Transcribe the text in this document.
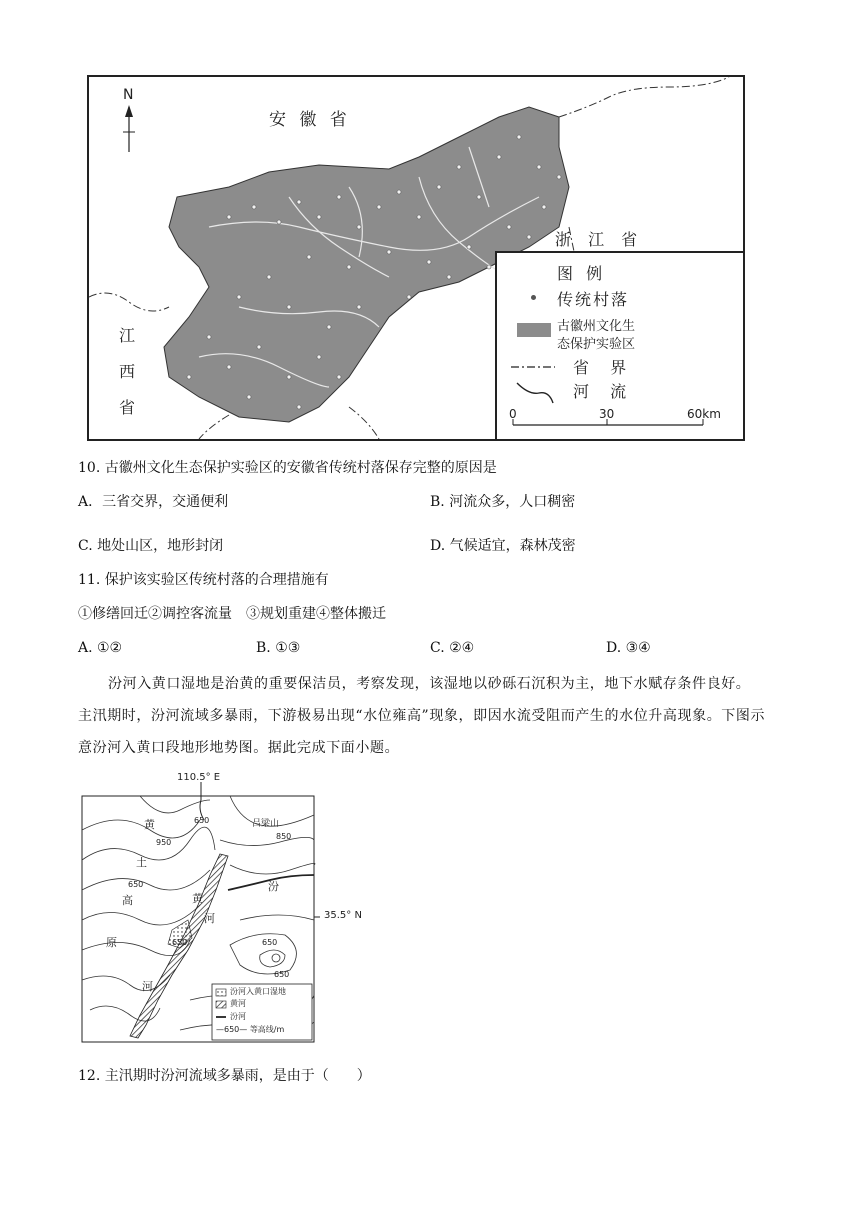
N
安 徽 省
浙 江 省
江
西
省
图 例
传统村落
古徽州文化生
态保护实验区
省 界
河 流
0	30	60km
10. 古徽州文化生态保护实验区的安徽省传统村落保存完整的原因是
A．三省交界，交通便利	B. 河流众多，人口稠密
C. 地处山区，地形封闭	D. 气候适宜，森林茂密
11. 保护该实验区传统村落的合理措施有
①修缮回迁②调控客流量　③规划重建④整体搬迁
A. ①②	B. ①③	C. ②④	D. ③④
汾河入黄口湿地是治黄的重要保洁员，考察发现，该湿地以砂砾石沉积为主，地下水赋存条件良好。
主汛期时，汾河流域多暴雨，下游极易出现“水位雍高”现象，即因水流受阻而产生的水位升高现象。下图示
意汾河入黄口段地形地势图。据此完成下面小题。
110.5° E
吕梁山
黄
土
高
原
河
汾
黄
河	35.5° N
650	650
950
650
650
650
850
汾河入黄口湿地
黄河
汾河
—650— 等高线/m
12. 主汛期时汾河流域多暴雨，是由于（　　）
